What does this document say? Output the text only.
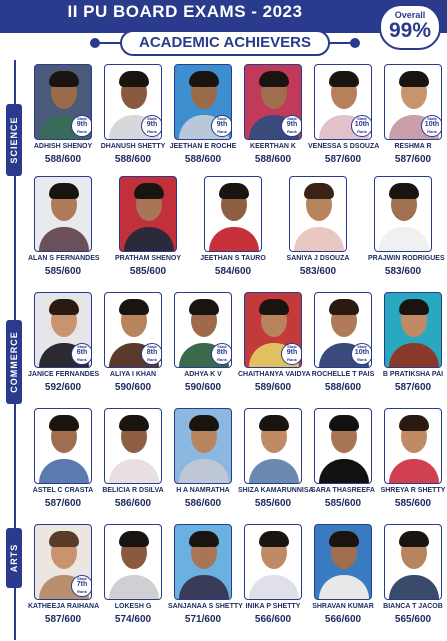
II PU BOARD EXAMS - 2023	Overall
99%
ACADEMIC ACHIEVERS
SCIENCE
COMMERCE
ARTS
State
9th
Rank
ADHISH SHENOY
588/600
State
9th
Rank
DHANUSH SHETTY
588/600
State
9th
Rank
JEETHAN E ROCHE
588/600
State
9th
Rank
KEERTHAN K
588/600
State
10th
Rank
VENESSA S DSOUZA
587/600
State
10th
Rank
RESHMA R
587/600
ALAN S FERNANDES
585/600
PRATHAM SHENOY
585/600
JEETHAN S TAURO
584/600
SANIYA J DSOUZA
583/600
PRAJWIN RODRIGUES
583/600
State
6th
Rank
JANICE FERNANDES
592/600
State
8th
Rank
ALIYA I KHAN
590/600
State
8th
Rank
ADHYA K V
590/600
State
9th
Rank
CHAITHANYA VAIDYA
589/600
State
10th
Rank
ROCHELLE T PAIS
588/600
B PRATIKSHA PAI
587/600
ASTEL C CRASTA
587/600
BELICIA R DSILVA
586/600
H A NAMRATHA
586/600
SHIZA KAMARUNNISA
585/600
SARA THASREEFA
585/600
SHREYA R SHETTY
585/600
State
7th
Rank
KATHEEJA RAIHANA
587/600
LOKESH G
574/600
SANJANAA S SHETTY
571/600
INIKA P SHETTY
566/600
SHRAVAN KUMAR
566/600
BIANCA T JACOB
565/600
